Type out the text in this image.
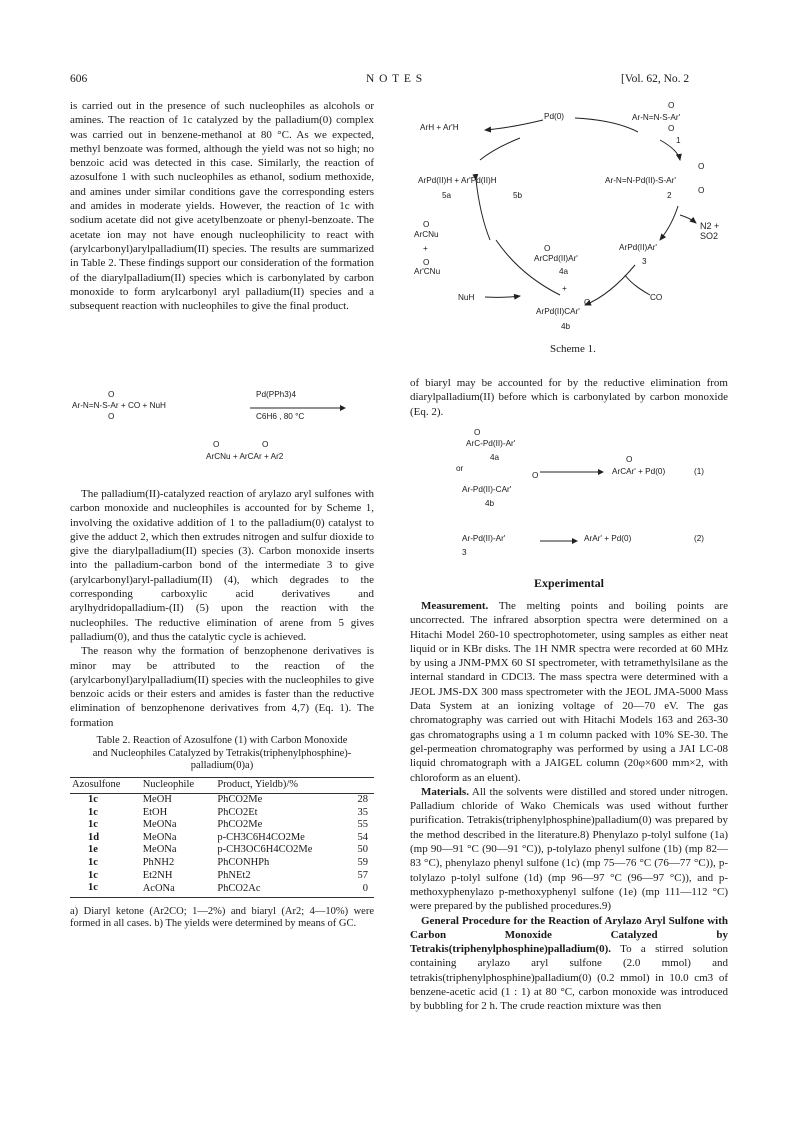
606	N O T E S	[Vol. 62, No. 2

is carried out in the presence of such nucleophiles as alcohols or amines. The reaction of 1c catalyzed by the palladium(0) complex was carried out in benzene-methanol at 80 °C. As we expected, methyl benzoate was formed, although the yield was not so high; no benzoic acid was detected in this case. Similarly, the reaction of azosulfone 1 with such nucleophiles as ethanol, sodium methoxide, and amines under similar conditions gave the corresponding esters and amides in moderate yields. However, the reaction of 1c with sodium acetate did not give acetylbenzoate or phenyl-benzoate. The acetate ion may not have enough nucleophilicity to react with (arylcarbonyl)arylpalladium(II) species. The results are summarized in Table 2. These findings support our consideration of the formation of the diarylpalladium(II) species which is carbonylated by carbon monoxide to form arylcarbonyl aryl palladium(II) species and a subsequent reaction with nucleophiles to give the final product.

O
O
Ar-N=N-S-Ar + CO + NuH
Pd(PPh3)4
C6H6 , 80 °C
O	O
ArCNu + ArCAr + Ar2

The palladium(II)-catalyzed reaction of arylazo aryl sulfones with carbon monoxide and nucleophiles is accounted for by Scheme 1, involving the oxidative addition of 1 to the palladium(0) catalyst to give the adduct 2, which then extrudes nitrogen and sulfur dioxide to give the diarylpalladium(II) species (3). Carbon monoxide inserts into the palladium-carbon bond of the intermediate 3 to give (arylcarbonyl)aryl-palladium(II) (4), which degrades to the corresponding carboxylic acid derivatives and arylhydridopalladium-(II) (5) upon the reaction with the nucleophiles. The reductive elimination of arene from 5 gives palladium(0), and thus the catalytic cycle is achieved.

The reason why the formation of benzophenone derivatives is minor may be attributed to the reaction of the (arylcarbonyl)arylpalladium(II) species with the nucleophiles to give benzoic acids or their esters and amides is faster than the reductive elimination of benzophenone derivatives from 4,7) (Eq. 1). The formation

Table 2. Reaction of Azosulfone (1) with Carbon Monoxide and Nucleophiles Catalyzed by Tetrakis(triphenylphosphine)-palladium(0)a)
Azosulfone	Nucleophile	Product, Yieldb)/%	
1c	MeOH	PhCO2Me	28
1c	EtOH	PhCO2Et	35
1c	MeONa	PhCO2Me	55
1d	MeONa	p-CH3C6H4CO2Me	54
1e	MeONa	p-CH3OC6H4CO2Me	50
1c	PhNH2	PhCONHPh	59
1c	Et2NH	PhNEt2	57
1c	AcONa	PhCO2Ac	0
a) Diaryl ketone (Ar2CO; 1—2%) and biaryl (Ar2; 4—10%) were formed in all cases. b) The yields were determined by means of GC.
Pd(0)
ArH + Ar'H
O
O
Ar-N=N-S-Ar'
1
ArPd(II)H + Ar'Pd(II)H
5a	5b
O
O
Ar-N=N-Pd(II)-S-Ar'
2
N2 + SO2
O
ArCNu
+
O
Ar'CNu
O
ArCPd(II)Ar'
4a
ArPd(II)Ar'
3
+
NuH	CO
O
ArPd(II)CAr'
4b
Scheme 1.

of biaryl may be accounted for by the reductive elimination from diarylpalladium(II) before which is carbonylated by carbon monoxide (Eq. 2).

O
ArC-Pd(II)-Ar'
4a
or
O
Ar-Pd(II)-CAr'
4b
O
ArCAr' + Pd(0)	(1)
Ar-Pd(II)-Ar'
3
ArAr' + Pd(0)	(2)
Experimental

Measurement. The melting points and boiling points are uncorrected. The infrared absorption spectra were determined on a Hitachi Model 260-10 spectrophotometer, using samples as either neat liquid or in KBr disks. The 1H NMR spectra were recorded at 60 MHz by using a JNM-PMX 60 SI spectrometer, with tetramethylsilane as the internal standard in CDCl3. The mass spectra were determined with a JEOL JMS-DX 300 mass spectrometer with the JEOL JMA-5000 Mass Data System at an ionizing voltage of 20—70 eV. The gas chromatography was carried out with Hitachi Models 163 and 263-30 gas chromatographs using a 1 m column packed with 10% SE-30. The gel-permeation chromatography was performed by using a JAI LC-08 liquid chromatograph with a JAIGEL column (20φ×600 mm×2, with chloroform as an eluent).

Materials. All the solvents were distilled and stored under nitrogen. Palladium chloride of Wako Chemicals was used without further purification. Tetrakis(triphenylphosphine)palladium(0) was prepared by the method described in the literature.8) Phenylazo p-tolyl sulfone (1a) (mp 90—91 °C (90—91 °C)), p-tolylazo phenyl sulfone (1b) (mp 82—83 °C), phenylazo phenyl sulfone (1c) (mp 75—76 °C (76—77 °C)), p-tolylazo p-tolyl sulfone (1d) (mp 96—97 °C (96—97 °C)), and p-methoxyphenylazo p-methoxyphenyl sulfone (1e) (mp 111—112 °C) were prepared by the published procedures.9)

General Procedure for the Reaction of Arylazo Aryl Sulfone with Carbon Monoxide Catalyzed by Tetrakis(triphenylphosphine)palladium(0). To a stirred solution containing arylazo aryl sulfone (2.0 mmol) and tetrakis(triphenylphosphine)palladium(0) (0.2 mmol) in 10.0 cm3 of benzene-acetic acid (1 : 1) at 80 °C, carbon monoxide was introduced by bubbling for 2 h. The crude reaction mixture was then
